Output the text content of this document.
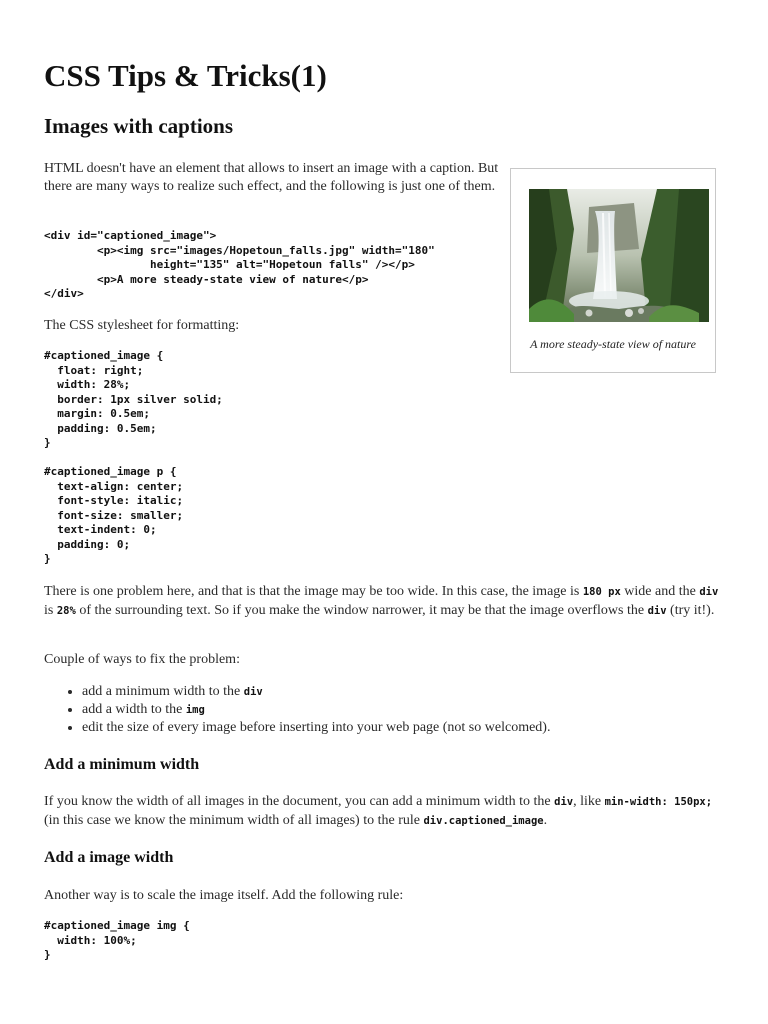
CSS Tips & Tricks(1)
Images with captions

HTML doesn't have an element that allows to insert an image with a caption. But there are many ways to realize such effect, and the following is just one of them.

<div id="captioned_image">
<p><img src="images/Hopetoun_falls.jpg" width="180"
height="135" alt="Hopetoun falls" /></p>
<p>A more steady-state view of nature</p>
</div>

The CSS stylesheet for formatting:

#captioned_image {
float: right;
width: 28%;
border: 1px silver solid;
margin: 0.5em;
padding: 0.5em;
}
#captioned_image p {
text-align: center;
font-style: italic;
font-size: smaller;
text-indent: 0;
padding: 0;
}

There is one problem here, and that is that the image may be too wide. In this case, the image is 180 px wide and the div is 28% of the surrounding text. So if you make the window narrower, it may be that the image overflows the div (try it!).

Couple of ways to fix the problem:

• add a minimum width to the div
• add a width to the img
• edit the size of every image before inserting into your web page (not so welcomed).
Add a minimum width

If you know the width of all images in the document, you can add a minimum width to the div, like min-width: 150px; (in this case we know the minimum width of all images) to the rule div.captioned_image.

Add a image width

Another way is to scale the image itself. Add the following rule:

#captioned_image img {
width: 100%;
}
A more steady-state view of nature
